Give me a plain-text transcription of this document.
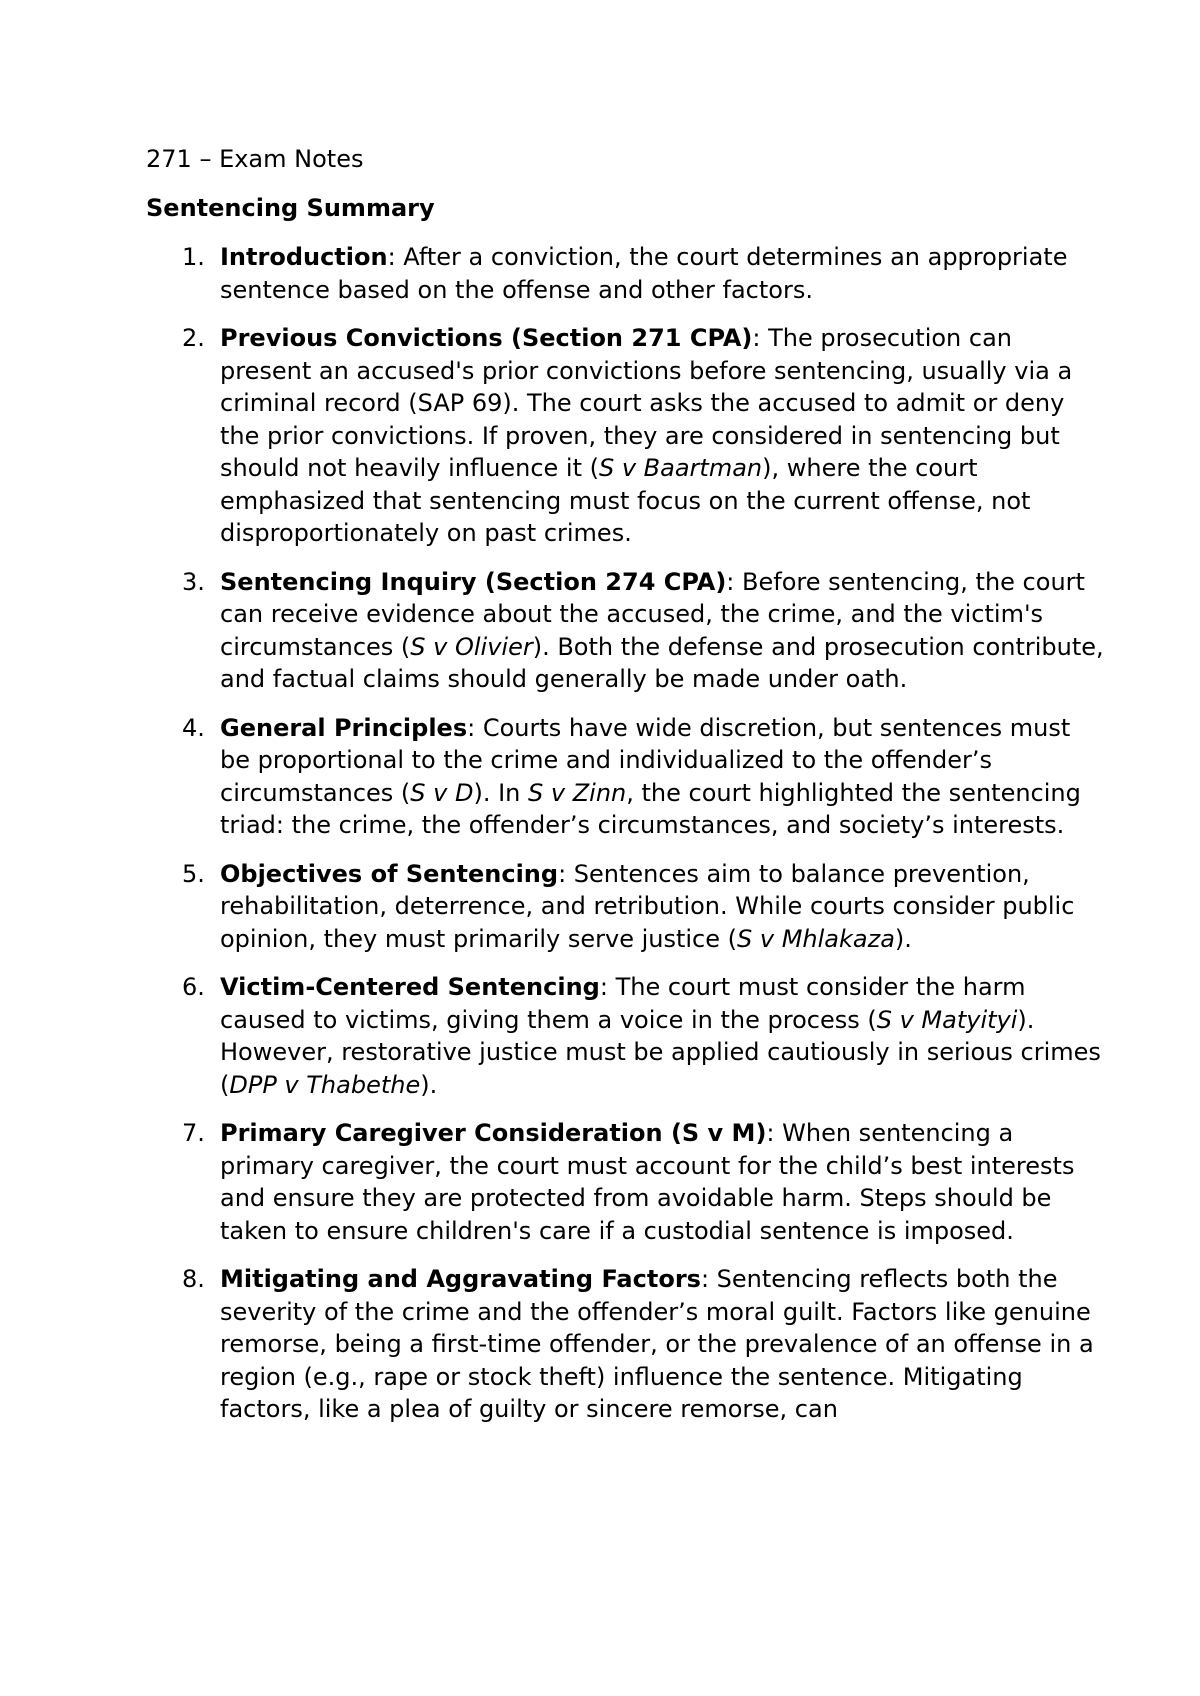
271 – Exam Notes

Sentencing Summary

1. Introduction: After a conviction, the court determines an appropriate sentence based on the offense and other factors.
2. Previous Convictions (Section 271 CPA): The prosecution can present an accused's prior convictions before sentencing, usually via a criminal record (SAP 69). The court asks the accused to admit or deny the prior convictions. If proven, they are considered in sentencing but should not heavily influence it (S v Baartman), where the court emphasized that sentencing must focus on the current offense, not disproportionately on past crimes.
3. Sentencing Inquiry (Section 274 CPA): Before sentencing, the court can receive evidence about the accused, the crime, and the victim's circumstances (S v Olivier). Both the defense and prosecution contribute, and factual claims should generally be made under oath.
4. General Principles: Courts have wide discretion, but sentences must be proportional to the crime and individualized to the offender’s circumstances (S v D). In S v Zinn, the court highlighted the sentencing triad: the crime, the offender’s circumstances, and society’s interests.
5. Objectives of Sentencing: Sentences aim to balance prevention, rehabilitation, deterrence, and retribution. While courts consider public opinion, they must primarily serve justice (S v Mhlakaza).
6. Victim-Centered Sentencing: The court must consider the harm caused to victims, giving them a voice in the process (S v Matyityi). However, restorative justice must be applied cautiously in serious crimes (DPP v Thabethe).
7. Primary Caregiver Consideration (S v M): When sentencing a primary caregiver, the court must account for the child’s best interests and ensure they are protected from avoidable harm. Steps should be taken to ensure children's care if a custodial sentence is imposed.
8. Mitigating and Aggravating Factors: Sentencing reflects both the severity of the crime and the offender’s moral guilt. Factors like genuine remorse, being a first-time offender, or the prevalence of an offense in a region (e.g., rape or stock theft) influence the sentence. Mitigating factors, like a plea of guilty or sincere remorse, can
